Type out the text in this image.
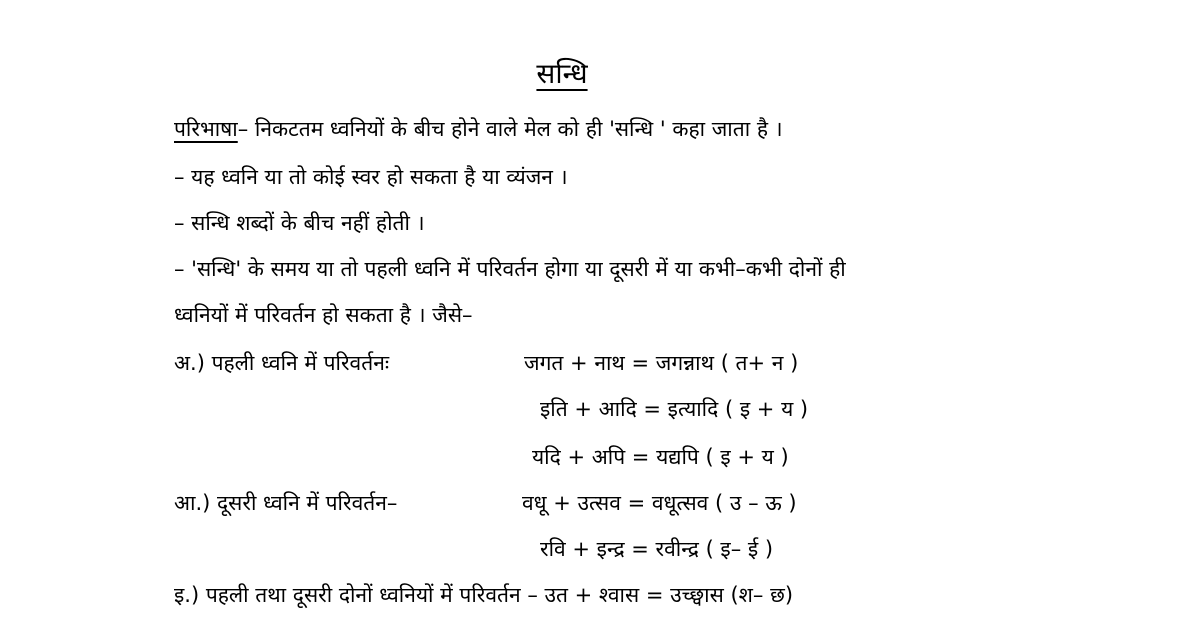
सन्धि
परिभाषा– निकटतम ध्वनियों के बीच होने वाले मेल को ही 'सन्धि ' कहा जाता है ।
– यह ध्वनि या तो कोई स्वर हो सकता है या व्यंजन ।
– सन्धि शब्दों के बीच नहीं होती ।
– 'सन्धि' के समय या तो पहली ध्वनि में परिवर्तन होगा या दूसरी में या कभी–कभी दोनों ही
ध्वनियों में परिवर्तन हो सकता है । जैसे–
अ.) पहली ध्वनि में परिवर्तनः	जगत + नाथ = जगन्नाथ ( त+ न )
इति + आदि = इत्यादि ( इ + य )
यदि + अपि = यद्यपि ( इ + य )
आ.) दूसरी ध्वनि में परिवर्तन–	वधू + उत्सव = वधूत्सव ( उ – ऊ )
रवि + इन्द्र = रवीन्द्र ( इ– ई )
इ.) पहली तथा दूसरी दोनों ध्वनियों में परिवर्तन – उत + श्वास = उच्छ्वास (श– छ)
